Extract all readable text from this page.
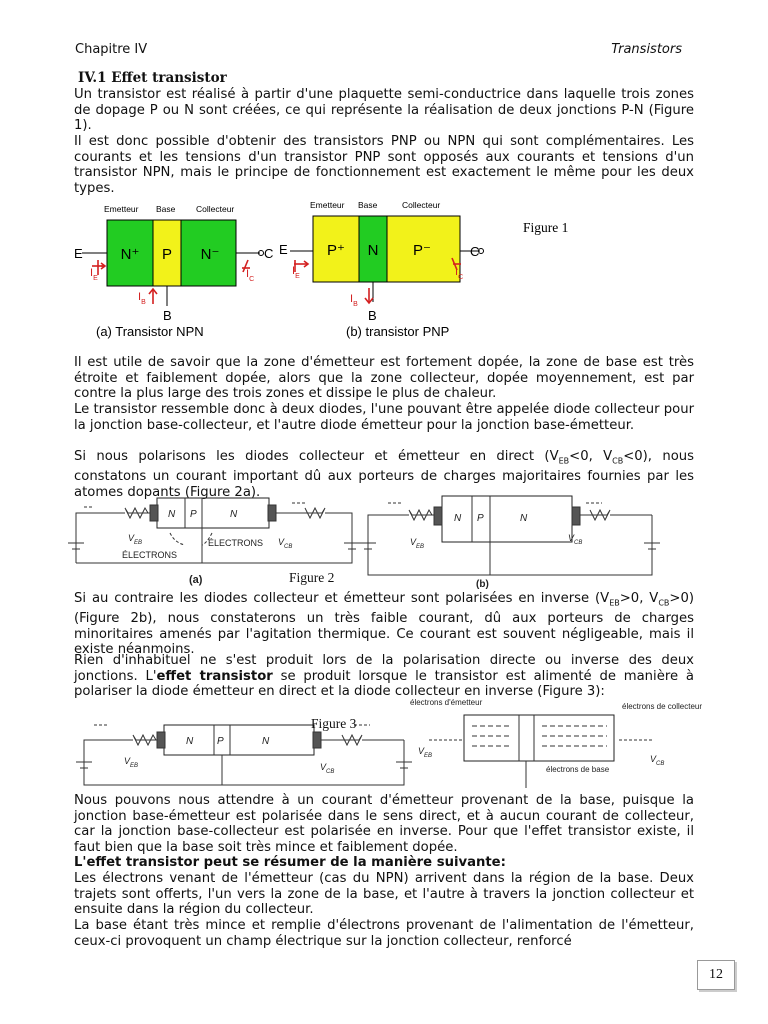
Chapitre IV	Transistors
IV.1 Effet transistor

Un transistor est réalisé à partir d'une plaquette semi-conductrice dans laquelle trois zones de dopage P ou N sont créées, ce qui représente la réalisation de deux jonctions P-N (Figure 1).

Il est donc possible d'obtenir des transistors PNP ou NPN qui sont complémentaires. Les courants et les tensions d'un transistor PNP sont opposés aux courants et tensions d'un transistor NPN, mais le principe de fonctionnement est exactement le même pour les deux types.

Emetteur Base Collecteur
N⁺ P N⁻
E	C
B
$I_E$	$I_C$
$I_B$
Emetteur Base	Collecteur
P⁺ N P⁻
E	C
B
$I_E$	$I_C$
$I_B$
(a) Transistor NPN	(b) transistor PNP
Figure 1

Il est utile de savoir que la zone d'émetteur est fortement dopée, la zone de base est très étroite et faiblement dopée, alors que la zone collecteur, dopée moyennement, est par contre la plus large des trois zones et dissipe le plus de chaleur.

Le transistor ressemble donc à deux diodes, l'une pouvant être appelée diode collecteur pour la jonction base-collecteur, et l'autre diode émetteur pour la jonction base-émetteur.

Si nous polarisons les diodes collecteur et émetteur en direct ($V_{EB}<0$, $V_{CB}<0$), nous constatons un courant important dû aux porteurs de charges majoritaires fournies par les atomes dopants (Figure 2a).

N P	N
$V_{EB}$	$V_{CB}$
ÉLECTRONS
ÉLECTRONS
(a)
N P	N
$V_{EB}$
$V_{CB}$
(b)
Figure 2

Si au contraire les diodes collecteur et émetteur sont polarisées en inverse ($V_{EB}>0$, $V_{CB}>0$) (Figure 2b), nous constaterons un très faible courant, dû aux porteurs de charges minoritaires amenés par l'agitation thermique. Ce courant est souvent négligeable, mais il existe néanmoins.

Rien d'inhabituel ne s'est produit lors de la polarisation directe ou inverse des deux jonctions. L'effet transistor se produit lorsque le transistor est alimenté de manière à polariser la diode émetteur en direct et la diode collecteur en inverse (Figure 3):

N P	N
$V_{EB}$	$V_{CB}$
$V_{EB}$	$V_{CB}$
électrons d'émetteur	électrons de collecteur
électrons de base
Figure 3

Nous pouvons nous attendre à un courant d'émetteur provenant de la base, puisque la jonction base-émetteur est polarisée dans le sens direct, et à aucun courant de collecteur, car la jonction base-collecteur est polarisée en inverse. Pour que l'effet transistor existe, il faut bien que la base soit très mince et faiblement dopée.

L'effet transistor peut se résumer de la manière suivante:

Les électrons venant de l'émetteur (cas du NPN) arrivent dans la région de la base. Deux trajets sont offerts, l'un vers la zone de la base, et l'autre à travers la jonction collecteur et ensuite dans la région du collecteur.

La base étant très mince et remplie d'électrons provenant de l'alimentation de l'émetteur, ceux-ci provoquent un champ électrique sur la jonction collecteur, renforcé

12
